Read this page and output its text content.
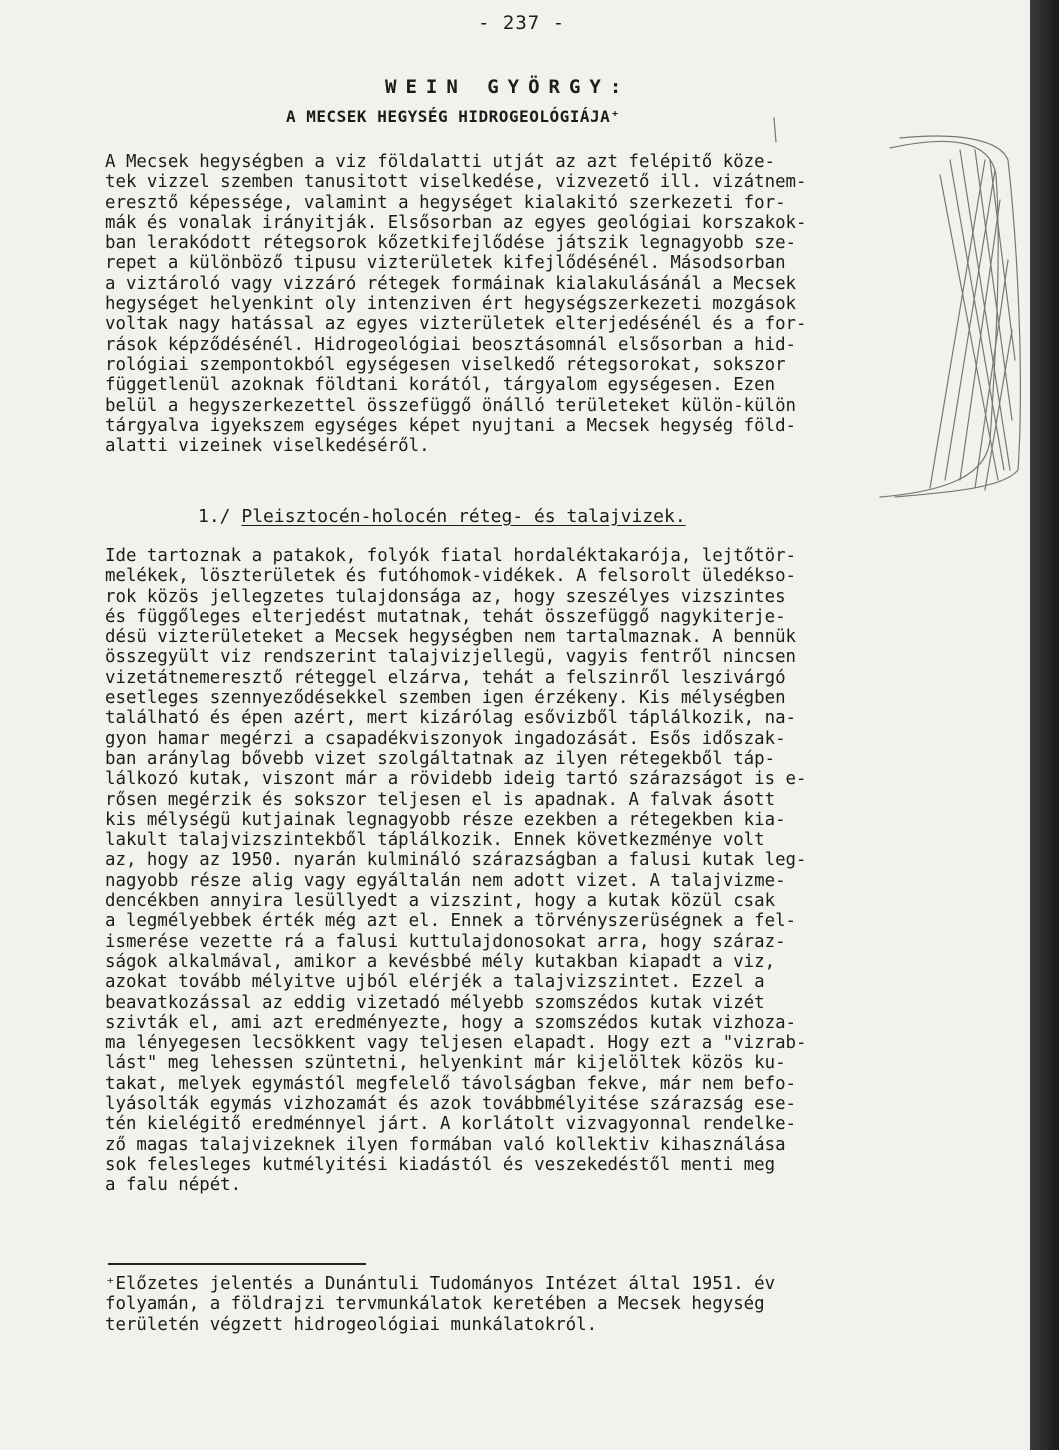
- 237 -
WEIN GYÖRGY:
A MECSEK HEGYSÉG HIDROGEOLÓGIÁJA⁺
A Mecsek hegységben a viz földalatti utját az azt felépitő köze-
tek vizzel szemben tanusitott viselkedése, vizvezető ill. vizátnem-
eresztő képessége, valamint a hegységet kialakitó szerkezeti for-
mák és vonalak irányitják. Elsősorban az egyes geológiai korszakok-
ban lerakódott rétegsorok kőzetkifejlődése játszik legnagyobb sze-
repet a különböző tipusu vizterületek kifejlődésénél. Másodsorban
a viztároló vagy vizzáró rétegek formáinak kialakulásánál a Mecsek
hegységet helyenkint oly intenziven ért hegységszerkezeti mozgások
voltak nagy hatással az egyes vizterületek elterjedésénél és a for-
rások képződésénél. Hidrogeológiai beosztásomnál elsősorban a hid-
rológiai szempontokból egységesen viselkedő rétegsorokat, sokszor
függetlenül azoknak földtani korától, tárgyalom egységesen. Ezen
belül a hegyszerkezettel összefüggő önálló területeket külön-külön
tárgyalva igyekszem egységes képet nyujtani a Mecsek hegység föld-
alatti vizeinek viselkedéséről.
1./ Pleisztocén-holocén réteg- és talajvizek.
Ide tartoznak a patakok, folyók fiatal hordaléktakarója, lejtőtör-
melékek, löszterületek és futóhomok-vidékek. A felsorolt üledékso-
rok közös jellegzetes tulajdonsága az, hogy szeszélyes vizszintes
és függőleges elterjedést mutatnak, tehát összefüggő nagykiterje-
désü vizterületeket a Mecsek hegységben nem tartalmaznak. A bennük
összegyült viz rendszerint talajvizjellegü, vagyis fentről nincsen
vizetátnemeresztő réteggel elzárva, tehát a felszinről leszivárgó
esetleges szennyeződésekkel szemben igen érzékeny. Kis mélységben
található és épen azért, mert kizárólag esővizből táplálkozik, na-
gyon hamar megérzi a csapadékviszonyok ingadozását. Esős időszak-
ban aránylag bővebb vizet szolgáltatnak az ilyen rétegekből táp-
lálkozó kutak, viszont már a rövidebb ideig tartó szárazságot is e-
rősen megérzik és sokszor teljesen el is apadnak. A falvak ásott
kis mélységü kutjainak legnagyobb része ezekben a rétegekben kia-
lakult talajvizszintekből táplálkozik. Ennek következménye volt
az, hogy az 1950. nyarán kulmináló szárazságban a falusi kutak leg-
nagyobb része alig vagy egyáltalán nem adott vizet. A talajvizme-
dencékben annyira lesüllyedt a vizszint, hogy a kutak közül csak
a legmélyebbek érték még azt el. Ennek a törvényszerüségnek a fel-
ismerése vezette rá a falusi kuttulajdonosokat arra, hogy száraz-
ságok alkalmával, amikor a kevésbbé mély kutakban kiapadt a viz,
azokat tovább mélyitve ujból elérjék a talajvizszintet. Ezzel a
beavatkozással az eddig vizetadó mélyebb szomszédos kutak vizét
szivták el, ami azt eredményezte, hogy a szomszédos kutak vizhoza-
ma lényegesen lecsökkent vagy teljesen elapadt. Hogy ezt a "vizrab-
lást" meg lehessen szüntetni, helyenkint már kijelöltek közös ku-
takat, melyek egymástól megfelelő távolságban fekve, már nem befo-
lyásolták egymás vizhozamát és azok továbbmélyitése szárazság ese-
tén kielégitő eredménnyel járt. A korlátolt vizvagyonnal rendelke-
ző magas talajvizeknek ilyen formában való kollektiv kihasználása
sok felesleges kutmélyitési kiadástól és veszekedéstől menti meg
a falu népét.
⁺Előzetes jelentés a Dunántuli Tudományos Intézet által 1951. év
folyamán, a földrajzi tervmunkálatok keretében a Mecsek hegység
területén végzett hidrogeológiai munkálatokról.
